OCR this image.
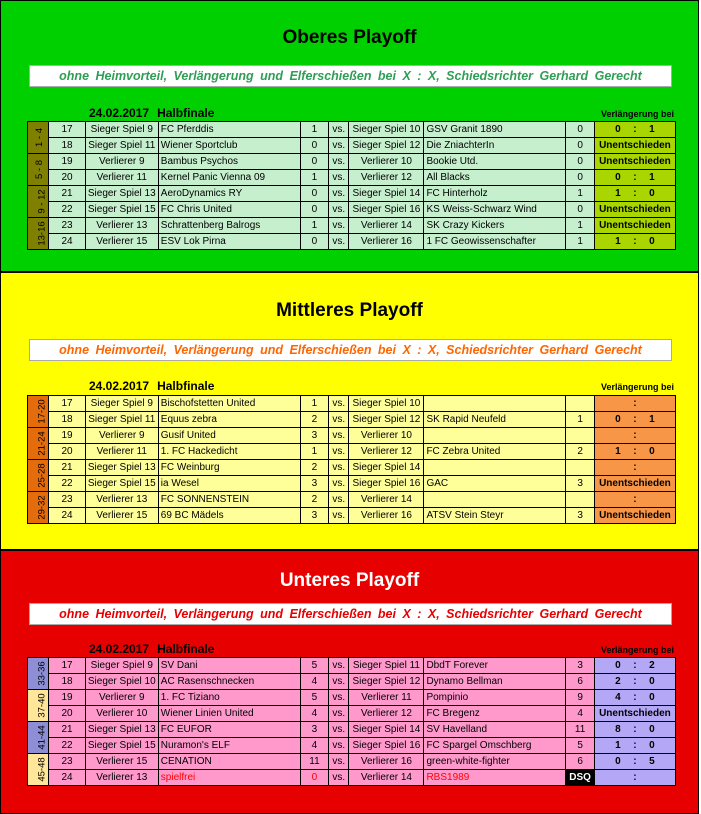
Oberes Playoff
ohne Heimvorteil, Verlängerung und Elferschießen bei X : X, Schiedsrichter Gerhard Gerecht
24.02.2017 Halbfinale	Verlängerung bei
1 - 4	17	Sieger Spiel 9	FC Pferddis	1	vs.	Sieger Spiel 10	GSV Granit 1890	0	0 : 1
	18	Sieger Spiel 11	Wiener Sportclub	0	vs.	Sieger Spiel 12	Die ZniachterIn	0	Unentschieden
5 - 8	19	Verlierer 9	Bambus Psychos	0	vs.	Verlierer 10	Bookie Utd.	0	Unentschieden
	20	Verlierer 11	Kernel Panic Vienna 09	1	vs.	Verlierer 12	All Blacks	0	0 : 1
9 - 12	21	Sieger Spiel 13	AeroDynamics RY	0	vs.	Sieger Spiel 14	FC Hinterholz	1	1 : 0
	22	Sieger Spiel 15	FC Chris United	0	vs.	Sieger Spiel 16	KS Weiss-Schwarz Wind	0	Unentschieden
13-16	23	Verlierer 13	Schrattenberg Balrogs	1	vs.	Verlierer 14	SK Crazy Kickers	1	Unentschieden
	24	Verlierer 15	ESV Lok Pirna	0	vs.	Verlierer 16	1 FC Geowissenschafter	1	1 : 0
Mittleres Playoff
ohne Heimvorteil, Verlängerung und Elferschießen bei X : X, Schiedsrichter Gerhard Gerecht
24.02.2017 Halbfinale	Verlängerung bei
17-20	17	Sieger Spiel 9	Bischofstetten United	1	vs.	Sieger Spiel 10			:
	18	Sieger Spiel 11	Equus zebra	2	vs.	Sieger Spiel 12	SK Rapid Neufeld	1	0 : 1
21-24	19	Verlierer 9	Gusif United	3	vs.	Verlierer 10			:
	20	Verlierer 11	1. FC Hackedicht	1	vs.	Verlierer 12	FC Zebra United	2	1 : 0
25-28	21	Sieger Spiel 13	FC Weinburg	2	vs.	Sieger Spiel 14			:
	22	Sieger Spiel 15	ia Wesel	3	vs.	Sieger Spiel 16	GAC	3	Unentschieden
29-32	23	Verlierer 13	FC SONNENSTEIN	2	vs.	Verlierer 14			:
	24	Verlierer 15	69 BC Mädels	3	vs.	Verlierer 16	ATSV Stein Steyr	3	Unentschieden
Unteres Playoff
ohne Heimvorteil, Verlängerung und Elferschießen bei X : X, Schiedsrichter Gerhard Gerecht
24.02.2017 Halbfinale	Verlängerung bei
33-36	17	Sieger Spiel 9	SV Dani	5	vs.	Sieger Spiel 11	DbdT Forever	3	0 : 2
	18	Sieger Spiel 10	AC Rasenschnecken	4	vs.	Sieger Spiel 12	Dynamo Bellman	6	2 : 0
37-40	19	Verlierer 9	1. FC Tiziano	5	vs.	Verlierer 11	Pompinio	9	4 : 0
	20	Verlierer 10	Wiener Linien United	4	vs.	Verlierer 12	FC Bregenz	4	Unentschieden
41-44	21	Sieger Spiel 13	FC EUFOR	3	vs.	Sieger Spiel 14	SV Havelland	11	8 : 0
	22	Sieger Spiel 15	Nuramon's ELF	4	vs.	Sieger Spiel 16	FC Spargel Omschberg	5	1 : 0
45-48	23	Verlierer 15	CENATION	11	vs.	Verlierer 16	green-white-fighter	6	0 : 5
	24	Verlierer 13	spielfrei	0	vs.	Verlierer 14	RBS1989	DSQ	:
